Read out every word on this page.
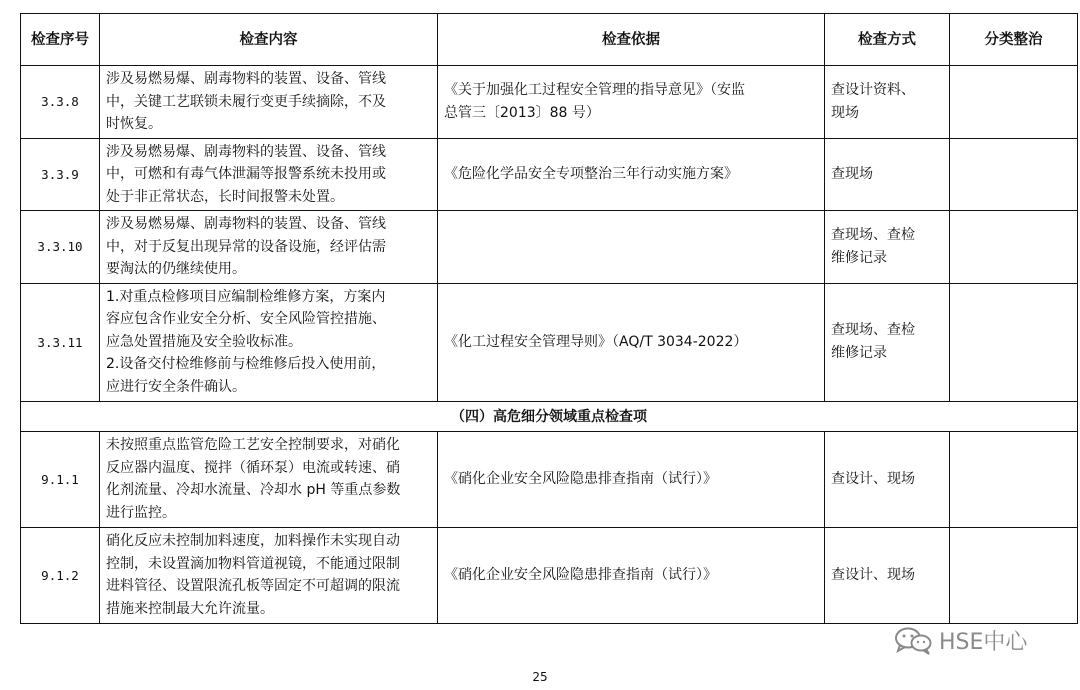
检查序号	检查内容	检查依据	检查方式	分类整治
3.3.8	涉及易燃易爆、剧毒物料的装置、设备、管线
中，关键工艺联锁未履行变更手续摘除，不及
时恢复。	《关于加强化工过程安全管理的指导意见》（安监
总管三〔2013〕88 号）	查设计资料、
现场	

3.3.9	涉及易燃易爆、剧毒物料的装置、设备、管线
中，可燃和有毒气体泄漏等报警系统未投用或
处于非正常状态，长时间报警未处置。	《危险化学品安全专项整治三年行动实施方案》	查现场	

3.3.10	涉及易燃易爆、剧毒物料的装置、设备、管线
中，对于反复出现异常的设备设施，经评估需
要淘汰的仍继续使用。		查现场、查检
维修记录	

3.3.11	1.对重点检修项目应编制检维修方案，方案内
容应包含作业安全分析、安全风险管控措施、
应急处置措施及安全验收标准。
2.设备交付检维修前与检维修后投入使用前，
应进行安全条件确认。	《化工过程安全管理导则》（AQ/T 3034-2022）	查现场、查检
维修记录	

（四）高危细分领域重点检查项				
9.1.1	未按照重点监管危险工艺安全控制要求，对硝化
反应器内温度、搅拌（循环泵）电流或转速、硝
化剂流量、冷却水流量、冷却水 pH 等重点参数
进行监控。	《硝化企业安全风险隐患排查指南（试行）》	查设计、现场	

9.1.2	硝化反应未控制加料速度，加料操作未实现自动
控制，未设置滴加物料管道视镜，不能通过限制
进料管径、设置限流孔板等固定不可超调的限流
措施来控制最大允许流量。	《硝化企业安全风险隐患排查指南（试行）》	查设计、现场	

HSE中心
25
